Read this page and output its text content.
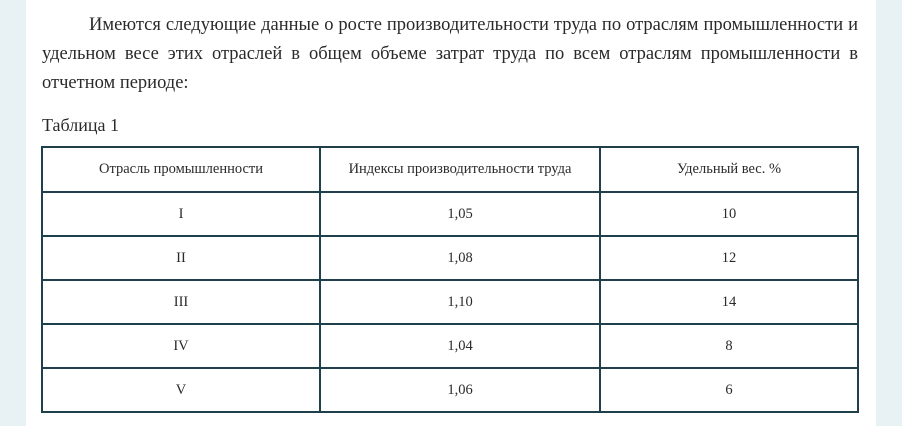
Имеются следующие данные о росте производительности труда по отраслям промышленности и удельном весе этих отраслей в общем объеме затрат труда по всем отраслям промышленности в отчетном периоде:

Таблица 1
Отрасль промышленности	Индексы производительности труда	Удельный вес. %
I	1,05	10
II	1,08	12
III	1,10	14
IV	1,04	8
V	1,06	6
